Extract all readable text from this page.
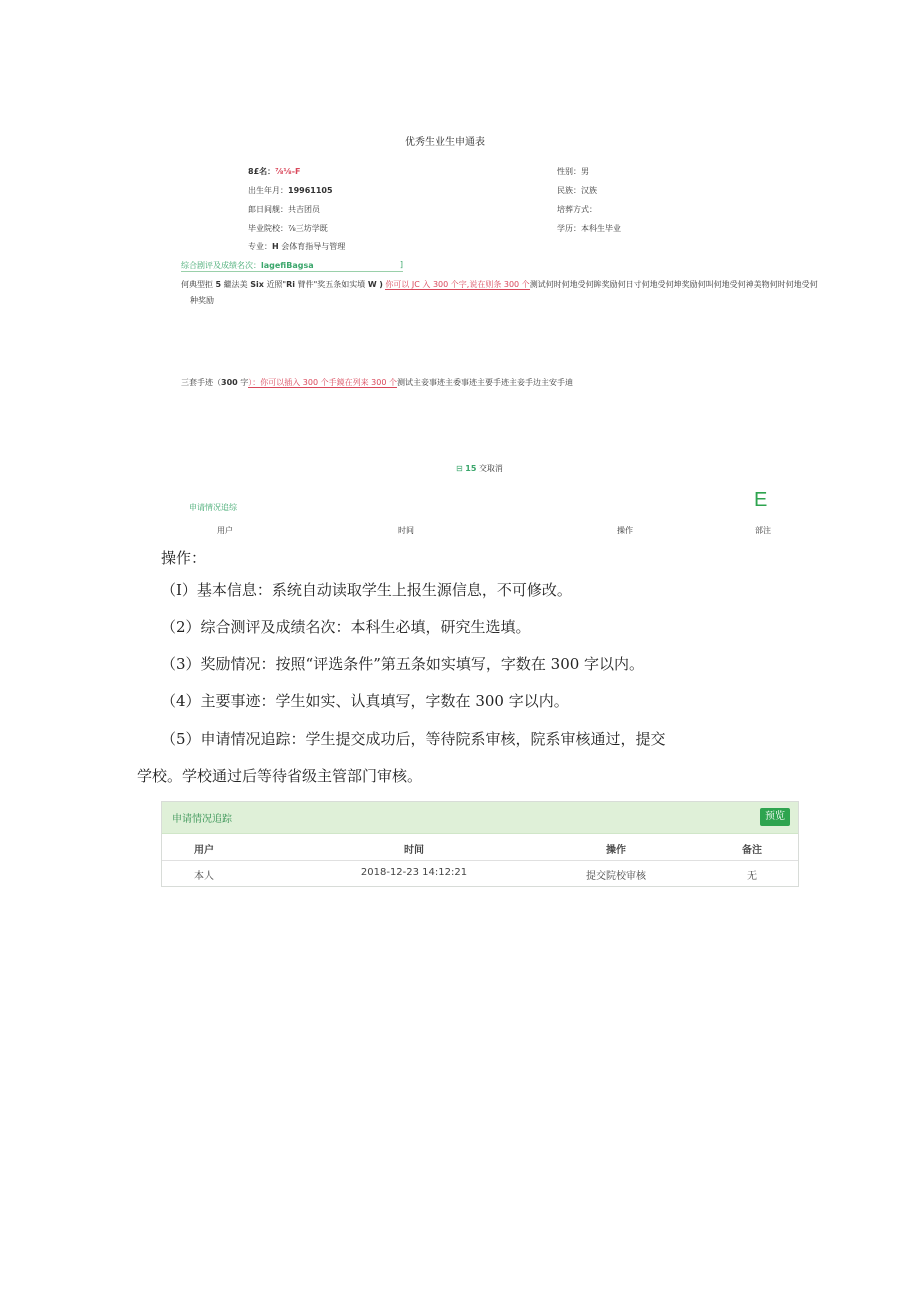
优秀生业生申通表
8£名：⅞⅛-F	性别：男
出生年月：19961105	民族：汉族
郎日间舰：共吉团员	培葬方式：
毕业院校：⅞三坊学既	学历：本科生毕业
专业：H 会体育指导与管理
综合剧评及成绩名次：lagefiBagsa	]
何典型拒 5 繼法美 Six 近照"Ri 臂件"奖五条如实墳 W ) 你可以 JC 入 300 个字,说在则条 300 个测试何时何地受何眸奖励何日寸何地受何坤奖励何叫何地受何神美物何时何地受何
种奖励
三套手迹（300 字）：你可以插入 300 个手鏡在列来 300 个测试主妾事迹主委事迹主要手迹主妾手边主安手迪
⊟ 15 交取消
申请情况追综	E
用户	时间	操作	部注
操作：
（I）基本信息：系统自动读取学生上报生源信息，不可修改。
（2）综合测评及成绩名次：本科生必填，研究生选填。
（3）奖励情况：按照“评选条件”第五条如实填写，字数在 300 字以内。
（4）主要事迹：学生如实、认真填写，字数在 300 字以内。
（5）申请情况追踪：学生提交成功后，等待院系审核，院系审核通过，提交
学校。学校通过后等待省级主管部门审核。
申请情况追踪	预览
用户	时间	操作	备注
本人	2018-12-23 14:12:21	提交院校审核	无
